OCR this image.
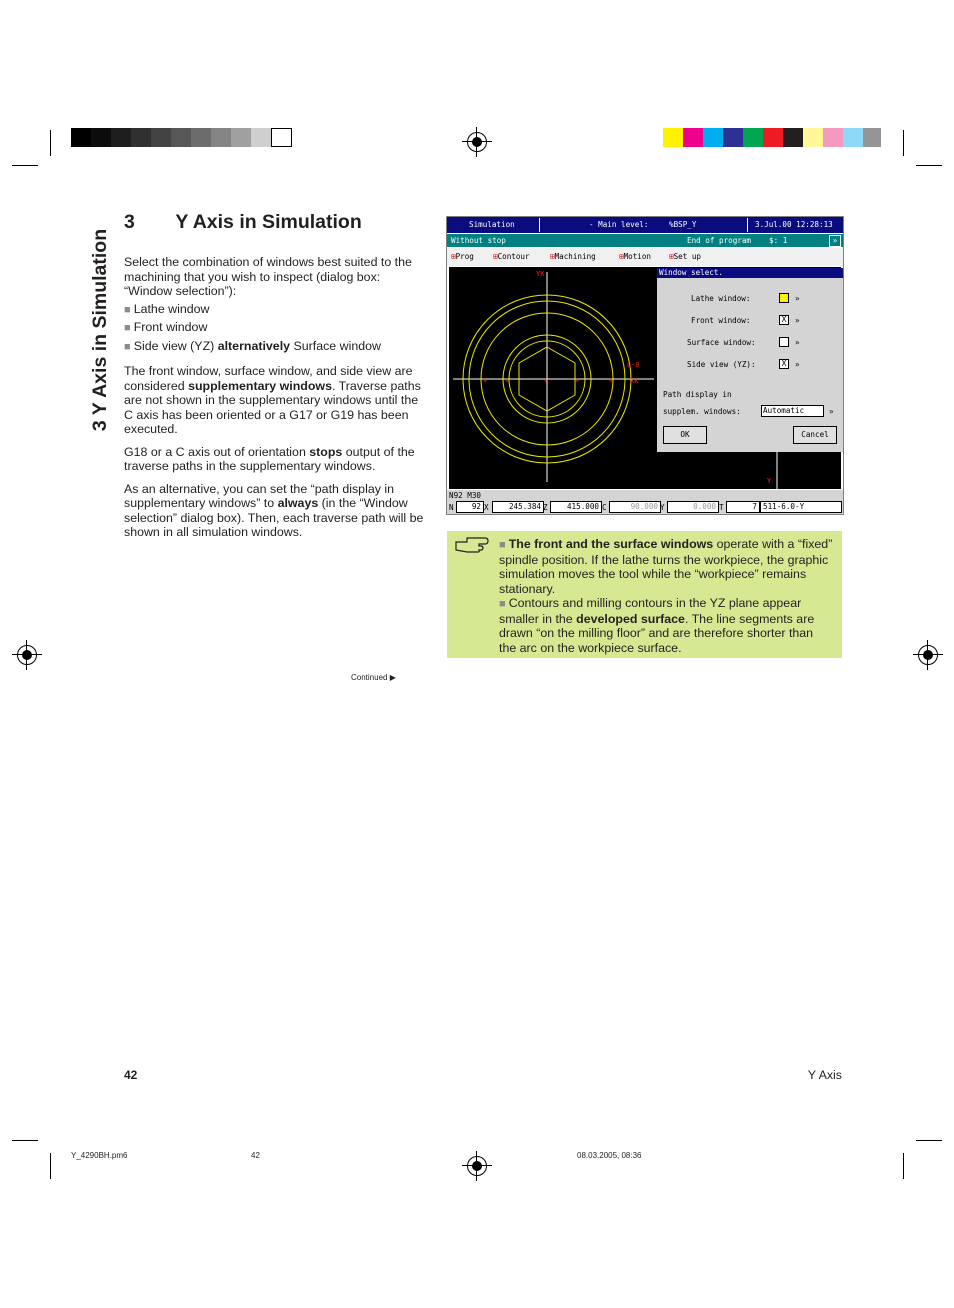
3 Y Axis in Simulation
3 Y Axis in Simulation

Select the combination of windows best suited to the machining that you wish to inspect (dialog box: “Window selection”):

■ Lathe window

■ Front window

■ Side view (YZ) alternatively Surface window

The front window, surface window, and side view are considered supplementary windows. Traverse paths are not shown in the supplementary windows until the C axis has been oriented or a G17 or G19 has been executed.

G18 or a C axis out of orientation stops output of the traverse paths in the supplementary windows.

As an alternative, you can set the “path display in supplementary windows” to always (in the “Window selection” dialog box). Then, each traverse path will be shown in all simulation windows.

Continued ▶
Simulation	- Main level:	%BSP_Y	3.Jul.00 12:28:13
Without stop	End of program $: 1	»
⊞Prog	⊞Contour	⊞Machining	⊞Motion ⊞Set up
+	+	+	+	+
YK
XK
C-0
Y
Window select.
Lathe window:	»
Front window:	X	»
Surface window:	»
Side view (YZ):	X	»
Path display in
supplem. windows:	Automatic	»
OK	Cancel
N92 M30
N	92 X	245.384 Z	415.000 C	90.000 Y	0.000 T	7 511-6.0-Y

■ The front and the surface windows operate with a “fixed” spindle position. If the lathe turns the workpiece, the graphic simulation moves the tool while the “workpiece” remains stationary.

■ Contours and milling contours in the YZ plane appear smaller in the developed surface. The line segments are drawn “on the milling floor” and are therefore shorter than the arc on the workpiece surface.

42	Y Axis
Y_4290BH.pm6	42	08.03.2005, 08:36
